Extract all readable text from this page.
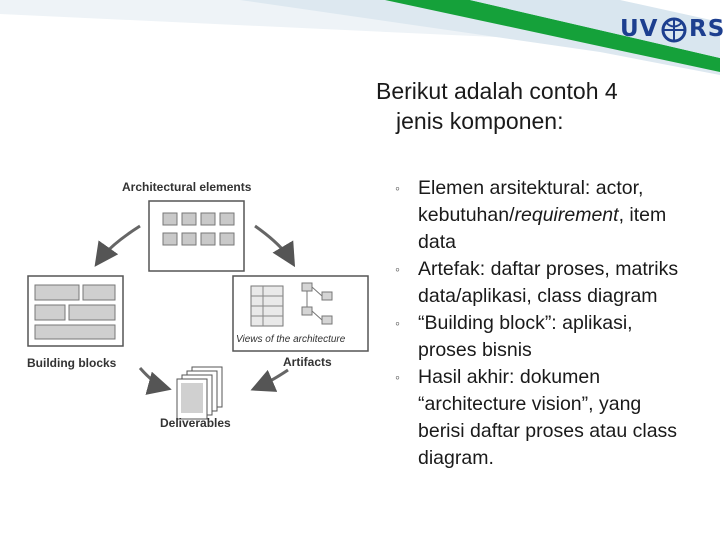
UV RS
Berikut adalah contoh 4
jenis komponen:
◦ Elemen arsitektural: actor, kebutuhan/requirement, item data
◦ Artefak: daftar proses, matriks data/aplikasi, class diagram
◦ “Building block”: aplikasi, proses bisnis
◦ Hasil akhir: dokumen “architecture vision”, yang berisi daftar proses atau class diagram.
Architectural elements
Building blocks
Views of the architecture
Artifacts
Deliverables
